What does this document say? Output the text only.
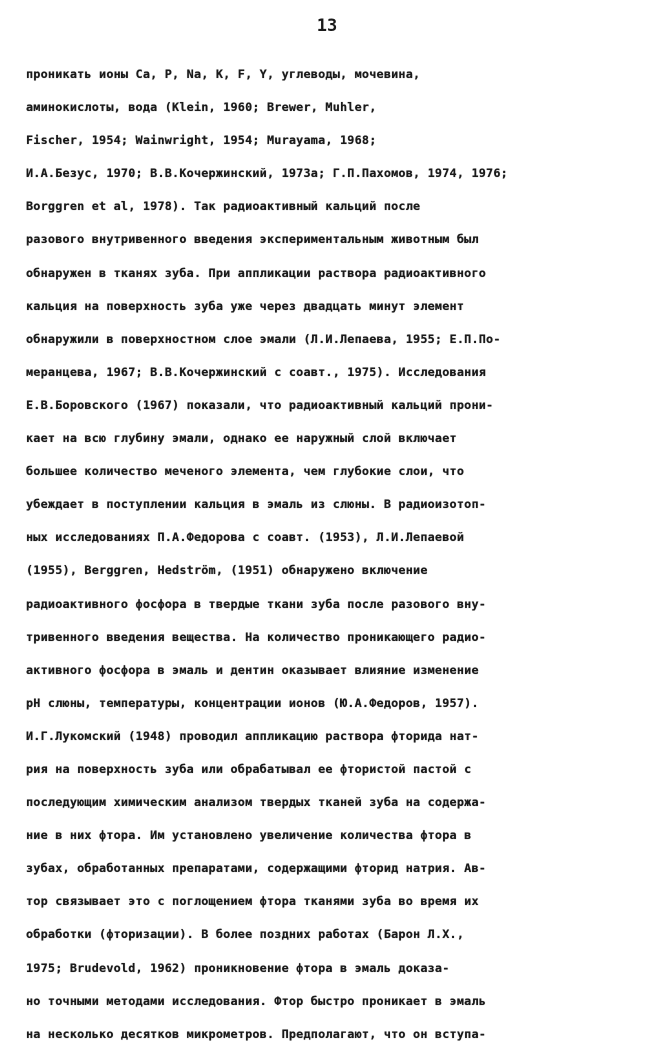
13
проникать ионы Ca, P, Na, K, F, Y, углеводы, мочевина,
аминокислоты, вода (Klein, 1960; Brewer, Muhler,
Fischer, 1954; Wainwright, 1954; Murayama, 1968;
И.А.Безус, 1970; В.В.Кочержинский, 1973а; Г.П.Пахомов, 1974, 1976;
Borggren et al, 1978). Так радиоактивный кальций после
разового внутривенного введения экспериментальным животным был
обнаружен в тканях зуба. При аппликации раствора радиоактивного
кальция на поверхность зуба уже через двадцать минут элемент
обнаружили в поверхностном слое эмали (Л.И.Лепаева, 1955; Е.П.По-
меранцева, 1967; В.В.Кочержинский с соавт., 1975). Исследования
Е.В.Боровского (1967) показали, что радиоактивный кальций прони-
кает на всю глубину эмали, однако ее наружный слой включает
большее количество меченого элемента, чем глубокие слои, что
убеждает в поступлении кальция в эмаль из слюны. В радиоизотоп-
ных исследованиях П.А.Федорова с соавт. (1953), Л.И.Лепаевой
(1955), Berggren, Hedström, (1951) обнаружено включение
радиоактивного фосфора в твердые ткани зуба после разового вну-
тривенного введения вещества. На количество проникающего радио-
активного фосфора в эмаль и дентин оказывает влияние изменение
pH слюны, температуры, концентрации ионов (Ю.А.Федоров, 1957).
И.Г.Лукомский (1948) проводил аппликацию раствора фторида нат-
рия на поверхность зуба или обрабатывал ее фтористой пастой с
последующим химическим анализом твердых тканей зуба на содержа-
ние в них фтора. Им установлено увеличение количества фтора в
зубах, обработанных препаратами, содержащими фторид натрия. Ав-
тор связывает это с поглощением фтора тканями зуба во время их
обработки (фторизации). В более поздних работах (Барон Л.Х.,
1975; Brudevold, 1962) проникновение фтора в эмаль доказа-
но точными методами исследования. Фтор быстро проникает в эмаль
на несколько десятков микрометров. Предполагают, что он вступа-
